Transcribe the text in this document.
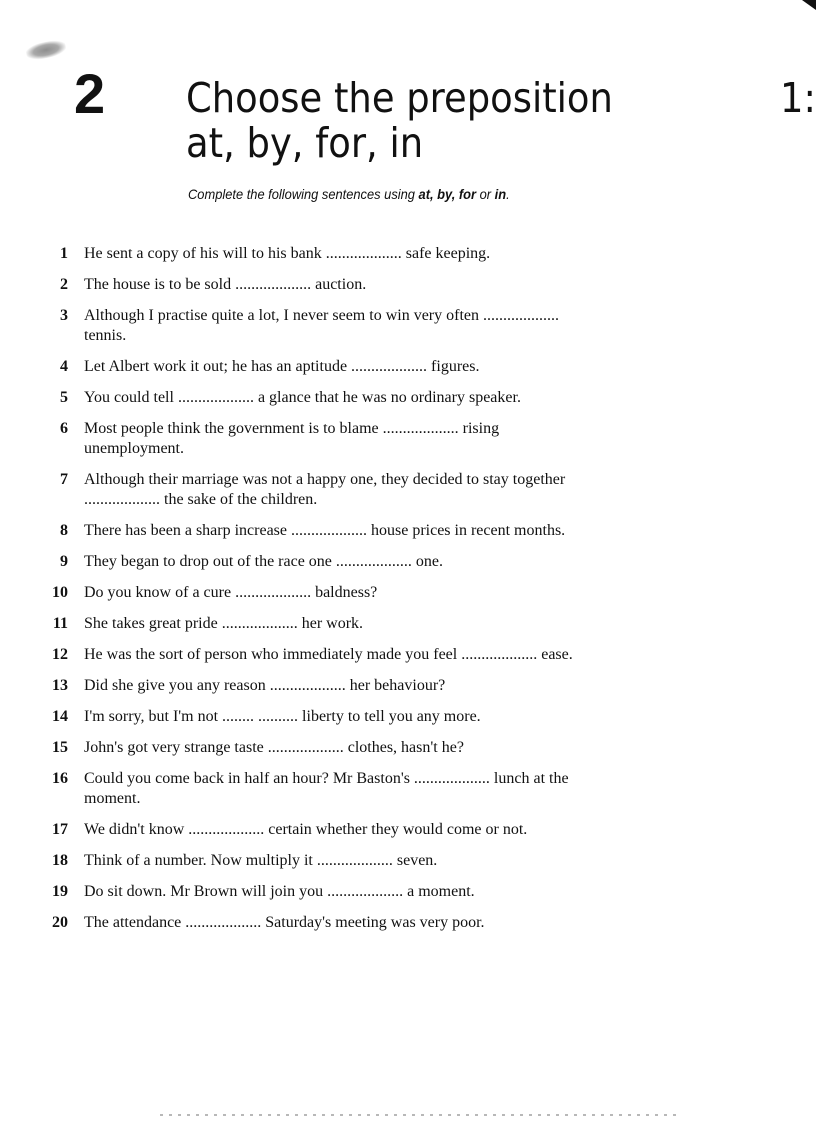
2 Choose the preposition	1:
at, by, for, in
Complete the following sentences using at, by, for or in.
1 He sent a copy of his will to his bank ................... safe keeping.
2 The house is to be sold ................... auction.
3 Although I practise quite a lot, I never seem to win very often ...................
tennis.
4 Let Albert work it out; he has an aptitude ................... figures.
5 You could tell ................... a glance that he was no ordinary speaker.
6 Most people think the government is to blame ................... rising
unemployment.
7 Although their marriage was not a happy one, they decided to stay together
................... the sake of the children.
8 There has been a sharp increase ................... house prices in recent months.
9 They began to drop out of the race one ................... one.
10 Do you know of a cure ................... baldness?
11 She takes great pride ................... her work.
12 He was the sort of person who immediately made you feel ................... ease.
13 Did she give you any reason ................... her behaviour?
14 I'm sorry, but I'm not ........ .......... liberty to tell you any more.
15 John's got very strange taste ................... clothes, hasn't he?
16 Could you come back in half an hour? Mr Baston's ................... lunch at the
moment.
17 We didn't know ................... certain whether they would come or not.
18 Think of a number. Now multiply it ................... seven.
19 Do sit down. Mr Brown will join you ................... a moment.
20 The attendance ................... Saturday's meeting was very poor.
